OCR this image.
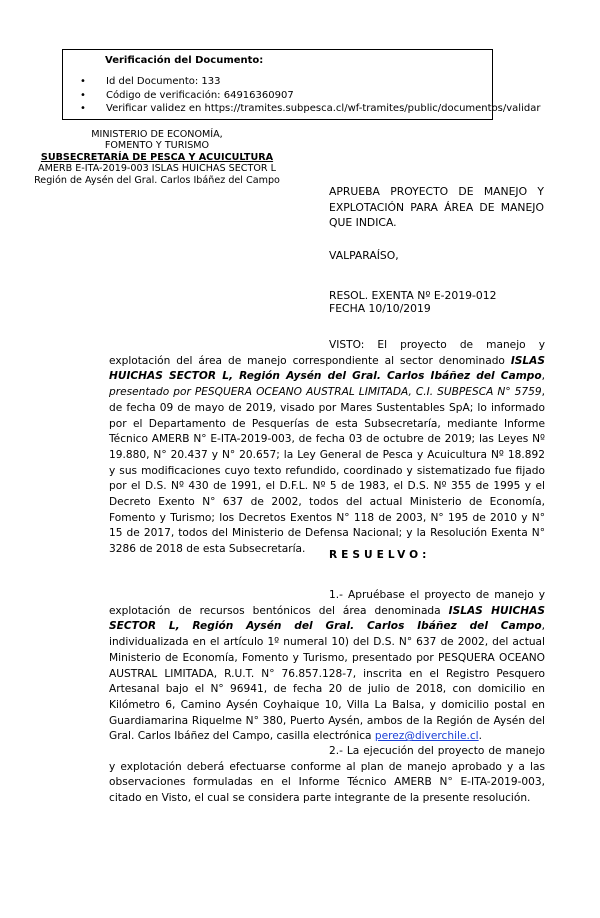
Verificación del Documento:
• Id del Documento: 133
• Código de verificación: 64916360907
• Verificar validez en https://tramites.subpesca.cl/wf-tramites/public/documentos/validar
MINISTERIO DE ECONOMÍA,
FOMENTO Y TURISMO
SUBSECRETARÍA DE PESCA Y ACUICULTURA
AMERB E-ITA-2019-003 ISLAS HUICHAS SECTOR L
Región de Aysén del Gral. Carlos Ibáñez del Campo
APRUEBA PROYECTO DE MANEJO Y EXPLOTACIÓN PARA ÁREA DE MANEJO QUE INDICA.
VALPARAÍSO,
RESOL. EXENTA Nº E-2019-012
FECHA 10/10/2019

VISTO: El proyecto de manejo y explotación del área de manejo correspondiente al sector denominado ISLAS HUICHAS SECTOR L, Región Aysén del Gral. Carlos Ibáñez del Campo, presentado por PESQUERA OCEANO AUSTRAL LIMITADA, C.I. SUBPESCA N° 5759, de fecha 09 de mayo de 2019, visado por Mares Sustentables SpA; lo informado por el Departamento de Pesquerías de esta Subsecretaría, mediante Informe Técnico AMERB N° E-ITA-2019-003, de fecha 03 de octubre de 2019; las Leyes Nº 19.880, N° 20.437 y N° 20.657; la Ley General de Pesca y Acuicultura Nº 18.892 y sus modificaciones cuyo texto refundido, coordinado y sistematizado fue fijado por el D.S. Nº 430 de 1991, el D.F.L. Nº 5 de 1983, el D.S. Nº 355 de 1995 y el Decreto Exento N° 637 de 2002, todos del actual Ministerio de Economía, Fomento y Turismo; los Decretos Exentos N° 118 de 2003, N° 195 de 2010 y N° 15 de 2017, todos del Ministerio de Defensa Nacional; y la Resolución Exenta N° 3286 de 2018 de esta Subsecretaría.	RESUELVO:

1.- Apruébase el proyecto de manejo y explotación de recursos bentónicos del área denominada ISLAS HUICHAS SECTOR L, Región Aysén del Gral. Carlos Ibáñez del Campo, individualizada en el artículo 1º numeral 10) del D.S. N° 637 de 2002, del actual Ministerio de Economía, Fomento y Turismo, presentado por PESQUERA OCEANO AUSTRAL LIMITADA, R.U.T. N° 76.857.128-7, inscrita en el Registro Pesquero Artesanal bajo el N° 96941, de fecha 20 de julio de 2018, con domicilio en Kilómetro 6, Camino Aysén Coyhaique 10, Villa La Balsa, y domicilio postal en Guardiamarina Riquelme N° 380, Puerto Aysén, ambos de la Región de Aysén del Gral. Carlos Ibáñez del Campo, casilla electrónica perez@diverchile.cl.

2.- La ejecución del proyecto de manejo y explotación deberá efectuarse conforme al plan de manejo aprobado y a las observaciones formuladas en el Informe Técnico AMERB N° E-ITA-2019-003, citado en Visto, el cual se considera parte integrante de la presente resolución.
